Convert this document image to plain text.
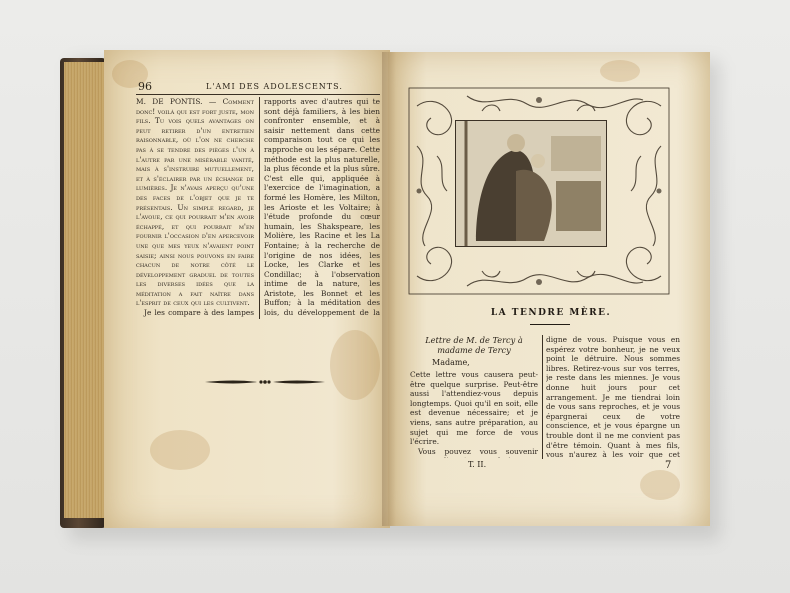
96	L'AMI DES ADOLESCENTS.

M. DE PONTIS. — Comment donc! voilà qui est fort juste, mon fils. Tu vois quels avantages on peut retirer d'un entretien raisonnable, où l'on ne cherche pas à se tendre des pièges l'un à l'autre par une misérable vanité, mais à s'instruire mutuellement, et à s'éclairer par un échange de lumières. Je n'avais aperçu qu'une des faces de l'objet que je te présentais. Un simple regard, je l'avoue, ce qui pourrait m'en avoir échappé, et qui pourrait m'en fournir l'occasion d'en apercevoir une que mes yeux n'avaient point saisie; ainsi nous pouvons en faire chacun de notre côté le développement graduel de toutes les diverses idées que la méditation a fait naître dans l'esprit de ceux qui les cultivent.

Je les compare à des lampes

rapports avec d'autres qui te sont déjà familiers, à les bien confronter ensemble, et à saisir nettement dans cette comparaison tout ce qui les rapproche ou les sépare. Cette méthode est la plus naturelle, la plus féconde et la plus sûre. C'est elle qui, appliquée à l'exercice de l'imagination, a formé les Homère, les Milton, les Arioste et les Voltaire; à l'étude profonde du cœur humain, les Shakspeare, les Molière, les Racine et les La Fontaine; à la recherche de l'origine de nos idées, les Locke, les Clarke et les Condillac; à l'observation intime de la nature, les Aristote, les Bonnet et les Buffon; à la méditation des lois, du développement de la	LA TENDRE MÈRE.
Lettre de M. de Tercy à madame de Tercy
Madame,

Cette lettre vous causera peut-être quelque surprise. Peut-être aussi l'attendiez-vous depuis longtemps. Quoi qu'il en soit, elle est devenue nécessaire; et je viens, sans autre préparation, au sujet qui me force de vous l'écrire.

Vous pouvez vous souvenir

digne de vous. Puisque vous en espérez votre bonheur, je ne veux point le détruire. Nous sommes libres. Retirez-vous sur vos terres, je reste dans les miennes. Je vous donne huit jours pour cet arrangement. Je me tiendrai loin de vous sans reproches, et je vous épargnerai ceux de votre conscience, et je vous épargne un trouble dont il ne me convient pas d'être témoin. Quant à mes fils, vous n'aurez à les voir que cet

T. II.	7
